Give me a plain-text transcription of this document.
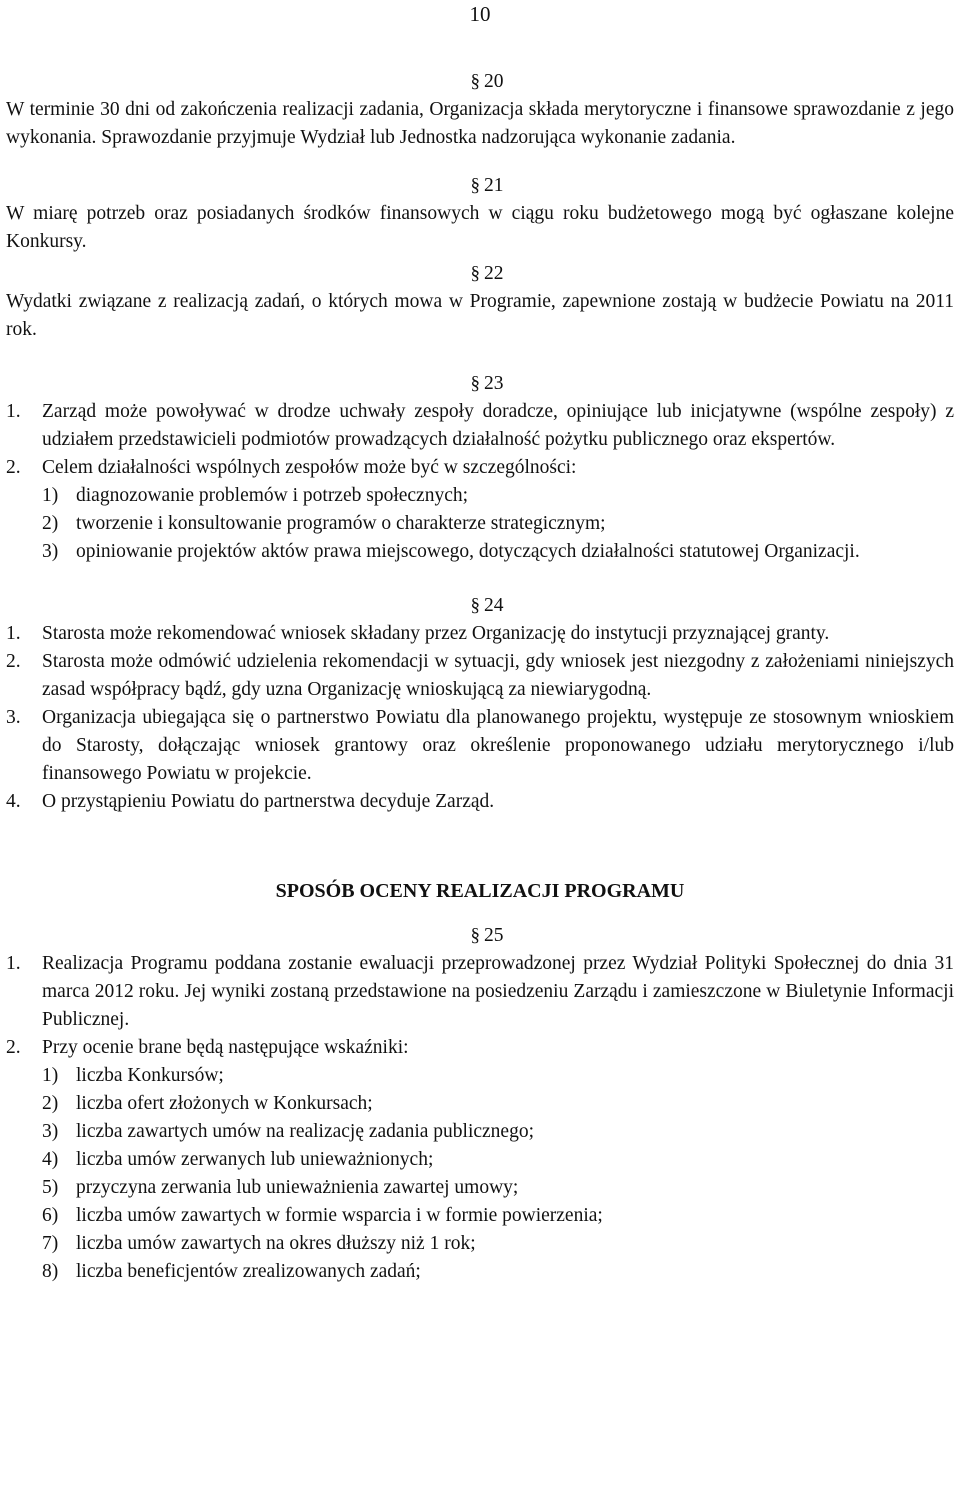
10
§ 20

W terminie 30 dni od zakończenia realizacji zadania, Organizacja składa merytoryczne i finansowe sprawozdanie z jego wykonania. Sprawozdanie przyjmuje Wydział lub Jednostka nadzorująca wykonanie zadania.

§ 21

W miarę potrzeb oraz posiadanych środków finansowych w ciągu roku budżetowego mogą być ogłaszane kolejne Konkursy.

§ 22

Wydatki związane z realizacją zadań, o których mowa w Programie, zapewnione zostają w budżecie Powiatu na 2011 rok.

§ 23
1. Zarząd może powoływać w drodze uchwały zespoły doradcze, opiniujące lub inicjatywne (wspólne zespoły) z udziałem przedstawicieli podmiotów prowadzących działalność pożytku publicznego oraz ekspertów.
2. Celem działalności wspólnych zespołów może być w szczególności:
1) diagnozowanie problemów i potrzeb społecznych;
2) tworzenie i konsultowanie programów o charakterze strategicznym;
3) opiniowanie projektów aktów prawa miejscowego, dotyczących działalności statutowej Organizacji.
§ 24
1. Starosta może rekomendować wniosek składany przez Organizację do instytucji przyznającej granty.
2. Starosta może odmówić udzielenia rekomendacji w sytuacji, gdy wniosek jest niezgodny z założeniami niniejszych zasad współpracy bądź, gdy uzna Organizację wnioskującą za niewiarygodną.
3. Organizacja ubiegająca się o partnerstwo Powiatu dla planowanego projektu, występuje ze stosownym wnioskiem do Starosty, dołączając wniosek grantowy oraz określenie proponowanego udziału merytorycznego i/lub finansowego Powiatu w projekcie.
4. O przystąpieniu Powiatu do partnerstwa decyduje Zarząd.
SPOSÓB OCENY REALIZACJI PROGRAMU
§ 25
1. Realizacja Programu poddana zostanie ewaluacji przeprowadzonej przez Wydział Polityki Społecznej do dnia 31 marca 2012 roku. Jej wyniki zostaną przedstawione na posiedzeniu Zarządu i zamieszczone w Biuletynie Informacji Publicznej.
2. Przy ocenie brane będą następujące wskaźniki:
1) liczba Konkursów;
2) liczba ofert złożonych w Konkursach;
3) liczba zawartych umów na realizację zadania publicznego;
4) liczba umów zerwanych lub unieważnionych;
5) przyczyna zerwania lub unieważnienia zawartej umowy;
6) liczba umów zawartych w formie wsparcia i w formie powierzenia;
7) liczba umów zawartych na okres dłuższy niż 1 rok;
8) liczba beneficjentów zrealizowanych zadań;
